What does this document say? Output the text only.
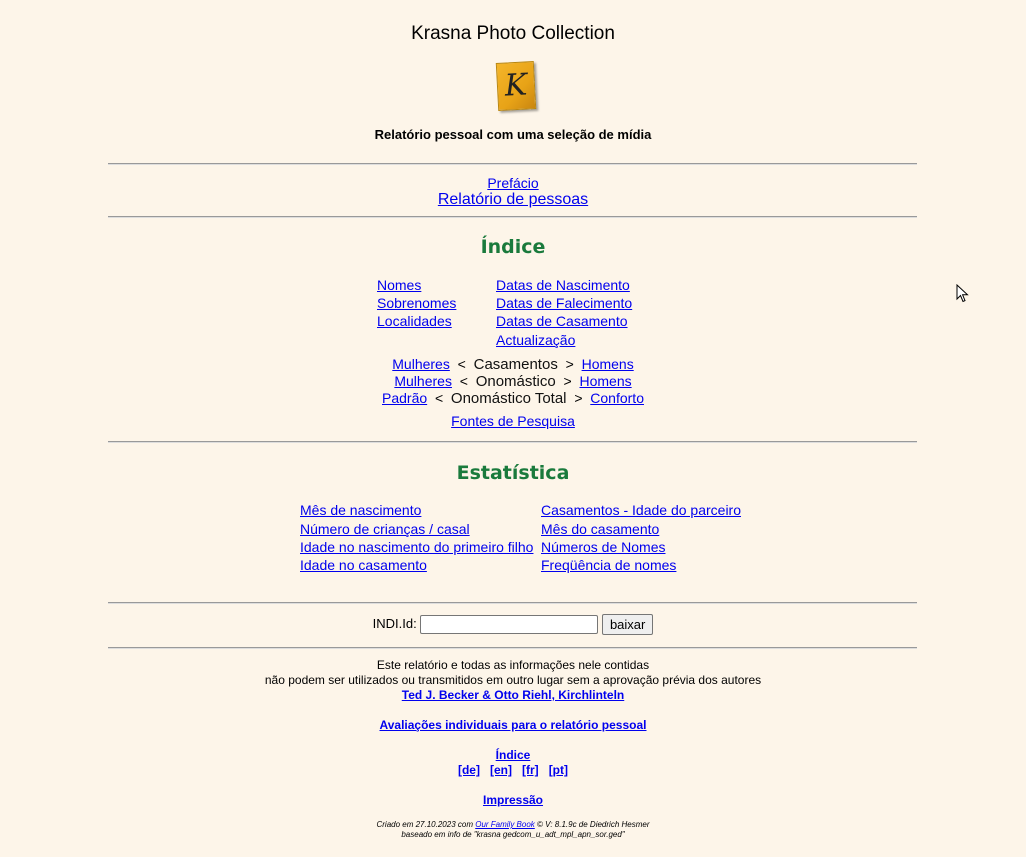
Krasna Photo Collection
K
Relatório pessoal com uma seleção de mídia
Prefácio
Relatório de pessoas
Índice
Nomes
Sobrenomes
Localidades
Datas de Nascimento
Datas de Falecimento
Datas de Casamento
Actualização
Mulheres < Casamentos > Homens
Mulheres < Onomástico > Homens
Padrão < Onomástico Total > Conforto
Fontes de Pesquisa
Estatística
Mês de nascimento
Número de crianças / casal
Idade no nascimento do primeiro filho
Idade no casamento
Casamentos - Idade do parceiro
Mês do casamento
Números de Nomes
Freqüência de nomes
INDI.Id:	baixar
Este relatório e todas as informações nele contidas
não podem ser utilizados ou transmitidos em outro lugar sem a aprovação prévia dos autores
Ted J. Becker & Otto Riehl, Kirchlinteln
Avaliações individuais para o relatório pessoal
Índice
[de] [en] [fr] [pt]
Impressão
Criado em 27.10.2023 com Our Family Book © V: 8.1.9c de Diedrich Hesmer
baseado em info de "krasna gedcom_u_adt_mpl_apn_sor.ged"
